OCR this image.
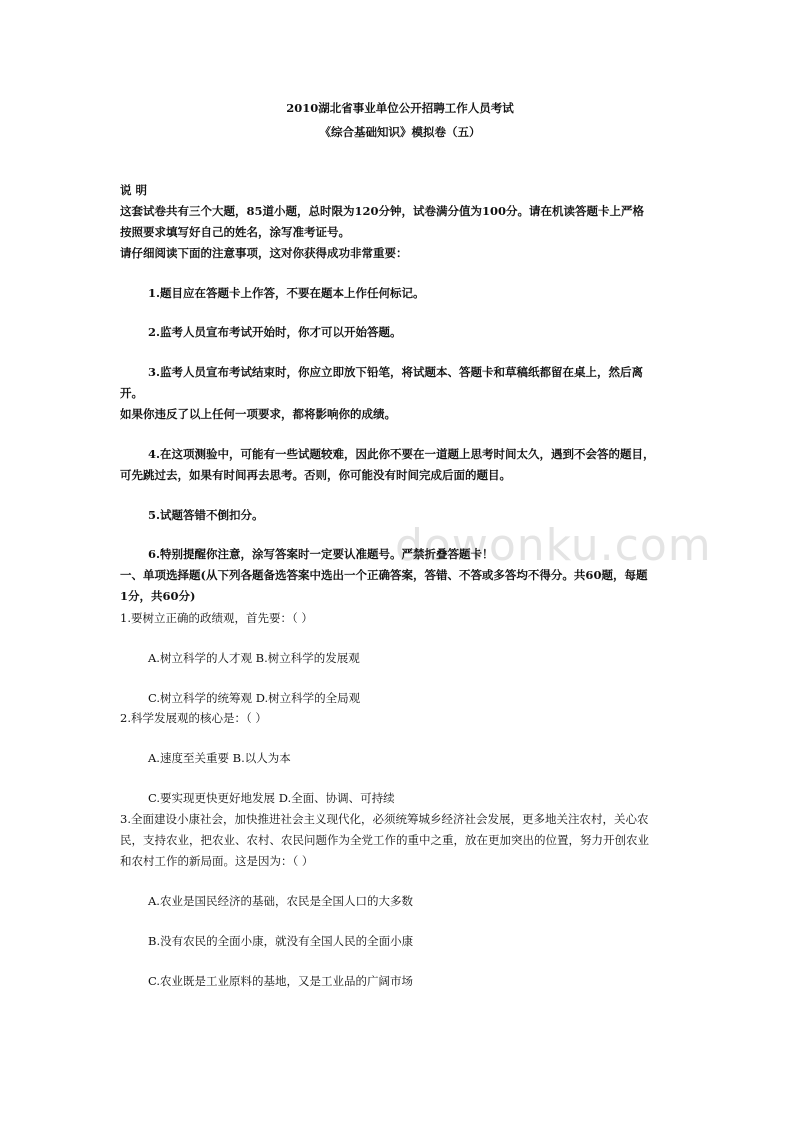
dowonku.com
2010湖北省事业单位公开招聘工作人员考试
《综合基础知识》模拟卷（五）
说 明
这套试卷共有三个大题，85道小题，总时限为120分钟，试卷满分值为100分。请在机读答题卡上严格
按照要求填写好自己的姓名，涂写准考证号。
请仔细阅读下面的注意事项，这对你获得成功非常重要：
1.题目应在答题卡上作答，不要在题本上作任何标记。
2.监考人员宣布考试开始时，你才可以开始答题。
3.监考人员宣布考试结束时，你应立即放下铅笔，将试题本、答题卡和草稿纸都留在桌上，然后离
开。
如果你违反了以上任何一项要求，都将影响你的成绩。
4.在这项测验中，可能有一些试题较难，因此你不要在一道题上思考时间太久，遇到不会答的题目，
可先跳过去，如果有时间再去思考。否则，你可能没有时间完成后面的题目。
5.试题答错不倒扣分。
6.特别提醒你注意，涂写答案时一定要认准题号。严禁折叠答题卡！
一、单项选择题(从下列各题备选答案中选出一个正确答案，答错、不答或多答均不得分。共60题，每题
1分，共60分)
1.要树立正确的政绩观，首先要：（ ）
A.树立科学的人才观 B.树立科学的发展观
C.树立科学的统筹观 D.树立科学的全局观
2.科学发展观的核心是：（ ）
A.速度至关重要 B.以人为本
C.要实现更快更好地发展 D.全面、协调、可持续
3.全面建设小康社会，加快推进社会主义现代化，必须统筹城乡经济社会发展，更多地关注农村，关心农
民，支持农业，把农业、农村、农民问题作为全党工作的重中之重，放在更加突出的位置，努力开创农业
和农村工作的新局面。这是因为：（ ）
A.农业是国民经济的基础，农民是全国人口的大多数
B.没有农民的全面小康，就没有全国人民的全面小康
C.农业既是工业原料的基地，又是工业品的广阔市场
